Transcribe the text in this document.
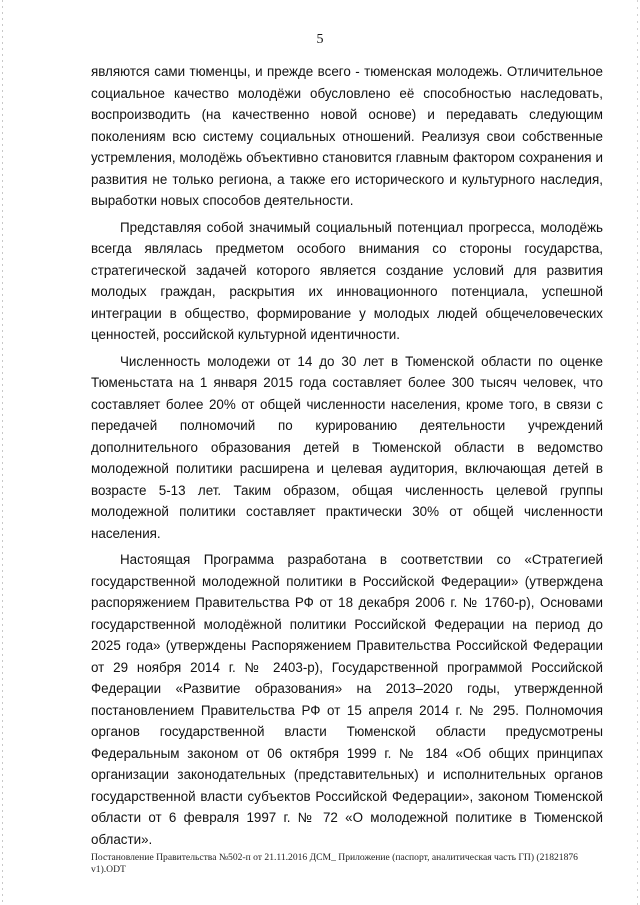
5

являются сами тюменцы, и прежде всего - тюменская молодежь. Отличительное социальное качество молодёжи обусловлено её способностью наследовать, воспроизводить (на качественно новой основе) и передавать следующим поколениям всю систему социальных отношений. Реализуя свои собственные устремления, молодёжь объективно становится главным фактором сохранения и развития не только региона, а также его исторического и культурного наследия, выработки новых способов деятельности.

Представляя собой значимый социальный потенциал прогресса, молодёжь всегда являлась предметом особого внимания со стороны государства, стратегической задачей которого является создание условий для развития молодых граждан, раскрытия их инновационного потенциала, успешной интеграции в общество, формирование у молодых людей общечеловеческих ценностей, российской культурной идентичности.

Численность молодежи от 14 до 30 лет в Тюменской области по оценке Тюменьстата на 1 января 2015 года составляет более 300 тысяч человек, что составляет более 20% от общей численности населения, кроме того, в связи с передачей полномочий по курированию деятельности учреждений дополнительного образования детей в Тюменской области в ведомство молодежной политики расширена и целевая аудитория, включающая детей в возрасте 5-13 лет. Таким образом, общая численность целевой группы молодежной политики составляет практически 30% от общей численности населения.

Настоящая Программа разработана в соответствии со «Стратегией государственной молодежной политики в Российской Федерации» (утверждена распоряжением Правительства РФ от 18 декабря 2006 г. № 1760-р), Основами государственной молодёжной политики Российской Федерации на период до 2025 года» (утверждены Распоряжением Правительства Российской Федерации от 29 ноября 2014 г. № 2403-р), Государственной программой Российской Федерации «Развитие образования» на 2013–2020 годы, утвержденной постановлением Правительства РФ от 15 апреля 2014 г. № 295. Полномочия органов государственной власти Тюменской области предусмотрены Федеральным законом от 06 октября 1999 г. № 184 «Об общих принципах организации законодательных (представительных) и исполнительных органов государственной власти субъектов Российской Федерации», законом Тюменской области от 6 февраля 1997 г. № 72 «О молодежной политике в Тюменской области».

Постановление Правительства №502-п от 21.11.2016 ДСМ_ Приложение (паспорт, аналитическая часть ГП) (21821876
v1).ODT
